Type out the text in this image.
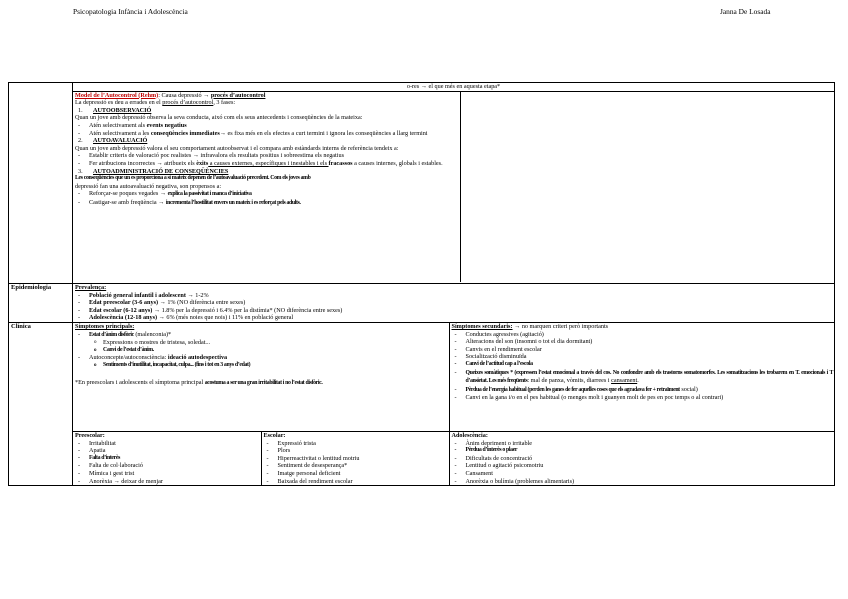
Psicopatologia Infància i Adolescència	Janna De Losada

o-res → el que més en aquesta etapa*
Model de l’Autocontrol (Rehm): Causa depressió → procés d’autocontrol
La depressió es deu a errades en el procés d’autocontrol, 3 fases:
1. AUTOOBSERVACIÓ
Quan un jove amb depressió observa la seva conducta, aixó com els seus antecedents i conseqüències de la mateixa:
- Atén selectivament als events negatius
- Atén selectivament a les conseqüències immediates→ es fixa més en els efectes a curt termini i ignora les conseqüències a llarg termini
2. AUTOAVALUACIÓ
Quan un jove amb depressió valora el seu comportament autoobservat i el compara amb estàndards interns de referència tendeix a:
- Establir criteris de valoració poc realistes → infravalora els resultats positius i sobreestima els negatius
- Fer atribucions incorrectes → atribueix els èxits a causes externes, específiques i inestables i els fracassos a causes internes, globals i estables.
3. AUTOADMINISTRACIÓ DE CONSEQÜÈNCIES
Les conseqüències que un es proporciona a si mateix depenen de l’autoavaluació precedent. Com els joves amb
depressió fan una autoavaluació negativa, son propensos a:
- Reforçar-se poques vegades → explica la passivitat i manca d’iniciativa
- Castigar-se amb freqüència → incrementa l’hostilitat envers un mateix i es reforçat pels adults.

Epidemiologia	Prevalença:
- Població general infantil i adolescent → 1-2%
- Edat preescolar (3-6 anys) → 1% (NO diferència entre sexes)
- Edat escolar (6-12 anys) → 1.8% per la depressió i 6.4% per la distímia* (NO diferència entre sexes)
- Adolescència (12-18 anys) → 6% (més noies que nois) i 11% en població general

Clínica		Símptomes principals:
- Estat d’ànim disfòric (malenconia)*
o Expressions o mostres de tristesa, soledat...
o Canvi de l’estat d’ànim.
- Autoconcepte/autoconsciència: ideació autodespectiva
o Sentiments d’inutilitat, incapacitat, culpa... (fins i tot en 3 anys d’edat)
*En preescolars i adolescents el símptoma principal acostuma a ser una gran irritabilitat i no l’estat disfòric.

Símptomes secundaris: → no marquen criteri però importants
- Conductes agressives (agitació)
- Alteracions del son (insomni o tot el dia dormitant)
- Canvis en el rendiment escolar
- Socialització disminuïda
- Canvi de l’actitud cap a l’escola
- Queixes somàtiques * (expressen l’estat emocional a través del cos. No confondre amb els trastorns somatomorfes. Les somatitzacions les trobarem en T. emocionals i T d’ansietat. Les més freqüents: mal de panxa, vòmits, diarrees i cansament.
- Pèrdua de l’energia habitual (perden les ganes de fer aquelles coses que els agradava fer + retraïment social)
- Canvi en la gana i/o en el pes habitual (o menges molt i guanyen molt de pes en poc temps o al contrari)

Preescolar:
- Irritabilitat
- Apatia
- Falta d’interès
- Falta de col·laboració
- Mímica i gest trist
- Anorèxia → deixar de menjar

Escolar:
- Expressió trista
- Plors
- Hiperreactivitat o lentitud motriu
- Sentiment de desesperança*
- Imatge personal deficient
- Baixada del rendiment escolar

Adolescència:
- Ànim depriment o irritable
- Pèrdua d’interès o plaer
- Dificultats de concentració
- Lentitud o agitació psicomotriu
- Cansament
- Anorèxia o bulímia (problemes alimentaris)
